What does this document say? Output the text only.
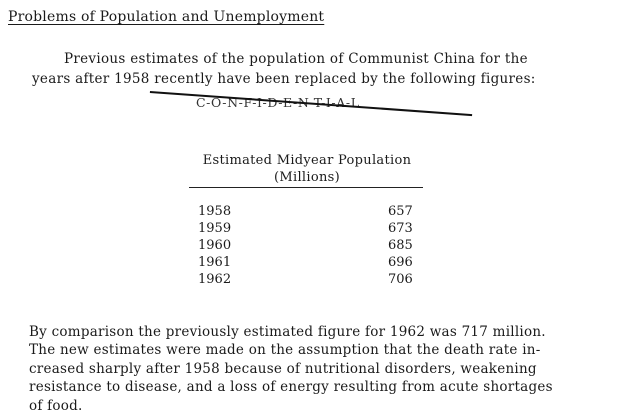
Problems of Population and Unemployment
Previous estimates of the population of Communist China for the
years after 1958 recently have been replaced by the following figures:
C-O-N-F-I-D-E-N-T-I-A-L
Estimated Midyear Population
(Millions)
1958	657
1959	673
1960	685
1961	696
1962	706
By comparison the previously estimated figure for 1962 was 717 million.
The new estimates were made on the assumption that the death rate in-
creased sharply after 1958 because of nutritional disorders, weakening
resistance to disease, and a loss of energy resulting from acute shortages
of food.
